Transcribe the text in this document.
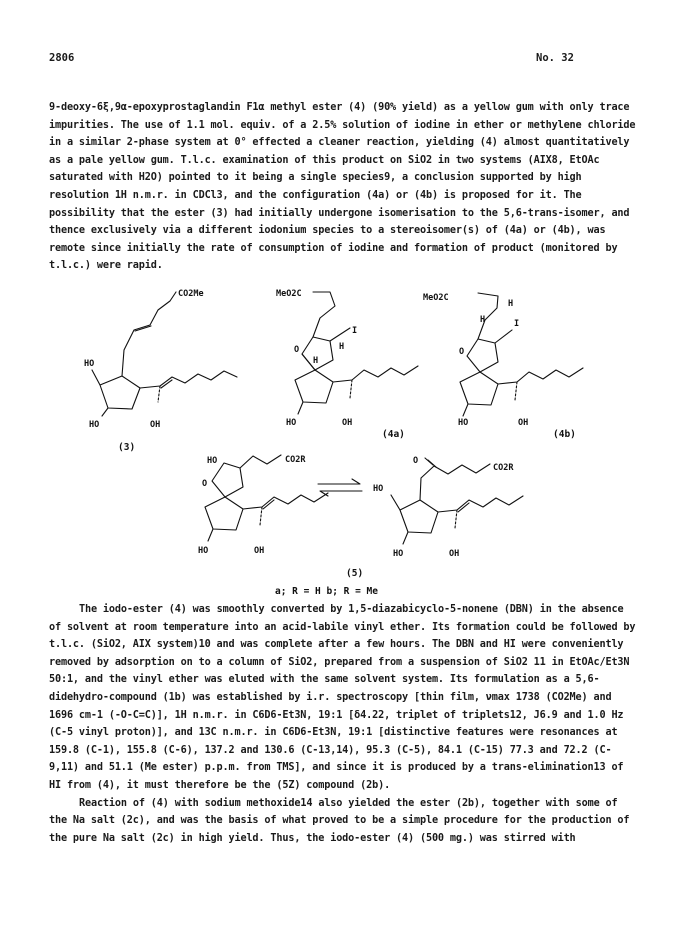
2806	No. 32

9-deoxy-6ξ,9α-epoxyprostaglandin F1α methyl ester (4) (90% yield) as a yellow gum with only trace impurities. The use of 1.1 mol. equiv. of a 2.5% solution of iodine in ether or methylene chloride in a similar 2-phase system at 0° effected a cleaner reaction, yielding (4) almost quantitatively as a pale yellow gum. T.l.c. examination of this product on SiO2 in two systems (AIX8, EtOAc saturated with H2O) pointed to it being a single species9, a conclusion supported by high resolution 1H n.m.r. in CDCl3, and the configuration (4a) or (4b) is proposed for it. The possibility that the ester (3) had initially undergone isomerisation to the 5,6-trans-isomer, and thence exclusively via a different iodonium species to a stereoisomer(s) of (4a) or (4b), was remote since initially the rate of consumption of iodine and formation of product (monitored by t.l.c.) were rapid.

CO2Me
HO
HO	OH
(3)
MeO2C
H
I
O
H
HO	OH
(4a)
MeO2C
H
H	I
O
HO	OH
(4b)
HO
O
CO2R
HO	OH
O
CO2R
HO
HO	OH
(5)
a; R = H b; R = Me

The iodo-ester (4) was smoothly converted by 1,5-diazabicyclo-5-nonene (DBN) in the absence of solvent at room temperature into an acid-labile vinyl ether. Its formation could be followed by t.l.c. (SiO2, AIX system)10 and was complete after a few hours. The DBN and HI were conveniently removed by adsorption on to a column of SiO2, prepared from a suspension of SiO2 11 in EtOAc/Et3N 50:1, and the vinyl ether was eluted with the same solvent system. Its formulation as a 5,6-didehydro-compound (1b) was established by i.r. spectroscopy [thin film, νmax 1738 (CO2Me) and 1696 cm-1 (-O-C=C)], 1H n.m.r. in C6D6-Et3N, 19:1 [δ4.22, triplet of triplets12, J6.9 and 1.0 Hz (C-5 vinyl proton)], and 13C n.m.r. in C6D6-Et3N, 19:1 [distinctive features were resonances at 159.8 (C-1), 155.8 (C-6), 137.2 and 130.6 (C-13,14), 95.3 (C-5), 84.1 (C-15) 77.3 and 72.2 (C-9,11) and 51.1 (Me ester) p.p.m. from TMS], and since it is produced by a trans-elimination13 of HI from (4), it must therefore be the (5Z) compound (2b).

Reaction of (4) with sodium methoxide14 also yielded the ester (2b), together with some of the Na salt (2c), and was the basis of what proved to be a simple procedure for the production of the pure Na salt (2c) in high yield. Thus, the iodo-ester (4) (500 mg.) was stirred with
